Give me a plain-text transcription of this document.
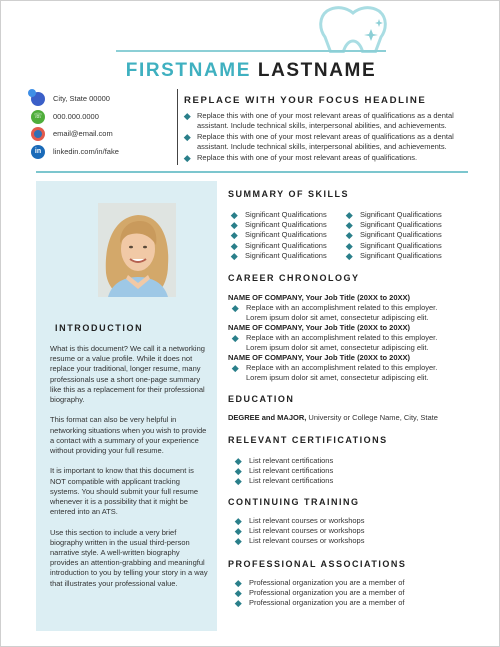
FIRSTNAME LASTNAME
City, State 00000
☏	000.000.0000
email@email.com
in	linkedin.com/in/fake
REPLACE WITH YOUR FOCUS HEADLINE
Replace this with one of your most relevant areas of qualifications as a dental assistant. Include technical skills, interpersonal abilities, and achievements.
Replace this with one of your most relevant areas of qualifications as a dental assistant. Include technical skills, interpersonal abilities, and achievements.
Replace this with one of your most relevant areas of qualifications.
INTRODUCTION

What is this document? We call it a networking resume or a value profile. While it does not replace your traditional, longer resume, many professionals use a short one-page summary like this as a replacement for their professional biography.

This format can also be very helpful in networking situations when you wish to provide a contact with a summary of your experience without providing your full resume.

It is important to know that this document is NOT compatible with applicant tracking systems. You should submit your full resume whenever it is a possibility that it might be entered into an ATS.

Use this section to include a very brief biography written in the usual third-person narrative style. A well-written biography provides an attention-grabbing and meaningful introduction to you by telling your story in a way that illustrates your professional value.

SUMMARY OF SKILLS
Significant Qualifications
Significant Qualifications
Significant Qualifications
Significant Qualifications
Significant Qualifications
Significant Qualifications
Significant Qualifications
Significant Qualifications
Significant Qualifications
Significant Qualifications
CAREER CHRONOLOGY
NAME OF COMPANY, Your Job Title (20XX to 20XX)
Replace with an accomplishment related to this employer.
Lorem ipsum dolor sit amet, consectetur adipiscing elit.
NAME OF COMPANY, Your Job Title (20XX to 20XX)
Replace with an accomplishment related to this employer.
Lorem ipsum dolor sit amet, consectetur adipiscing elit.
NAME OF COMPANY, Your Job Title (20XX to 20XX)
Replace with an accomplishment related to this employer.
Lorem ipsum dolor sit amet, consectetur adipiscing elit.
EDUCATION
DEGREE and MAJOR, University or College Name, City, State
RELEVANT CERTIFICATIONS
List relevant certifications
List relevant certifications
List relevant certifications
CONTINUING TRAINING
List relevant courses or workshops
List relevant courses or workshops
List relevant courses or workshops
PROFESSIONAL ASSOCIATIONS
Professional organization you are a member of
Professional organization you are a member of
Professional organization you are a member of
